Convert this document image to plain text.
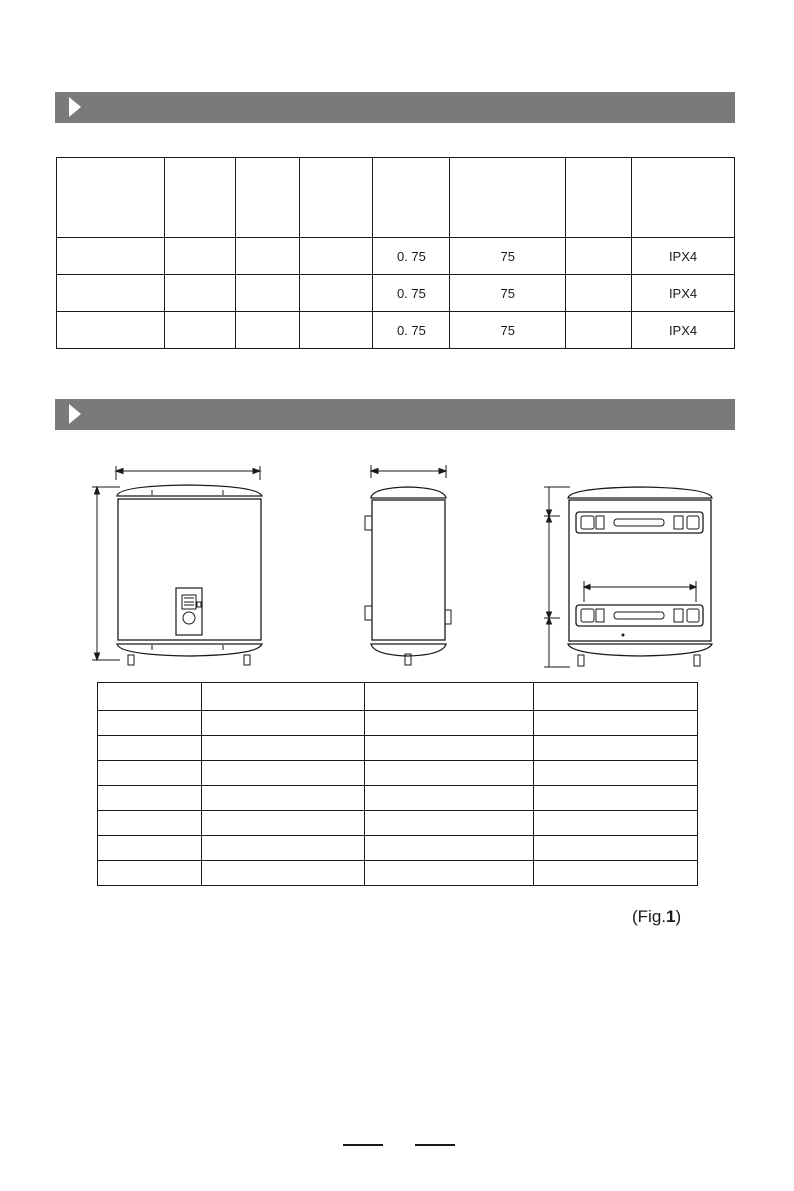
				0. 75	75		IPX4
				0. 75	75		IPX4
				0. 75	75		IPX4

(Fig.1)
